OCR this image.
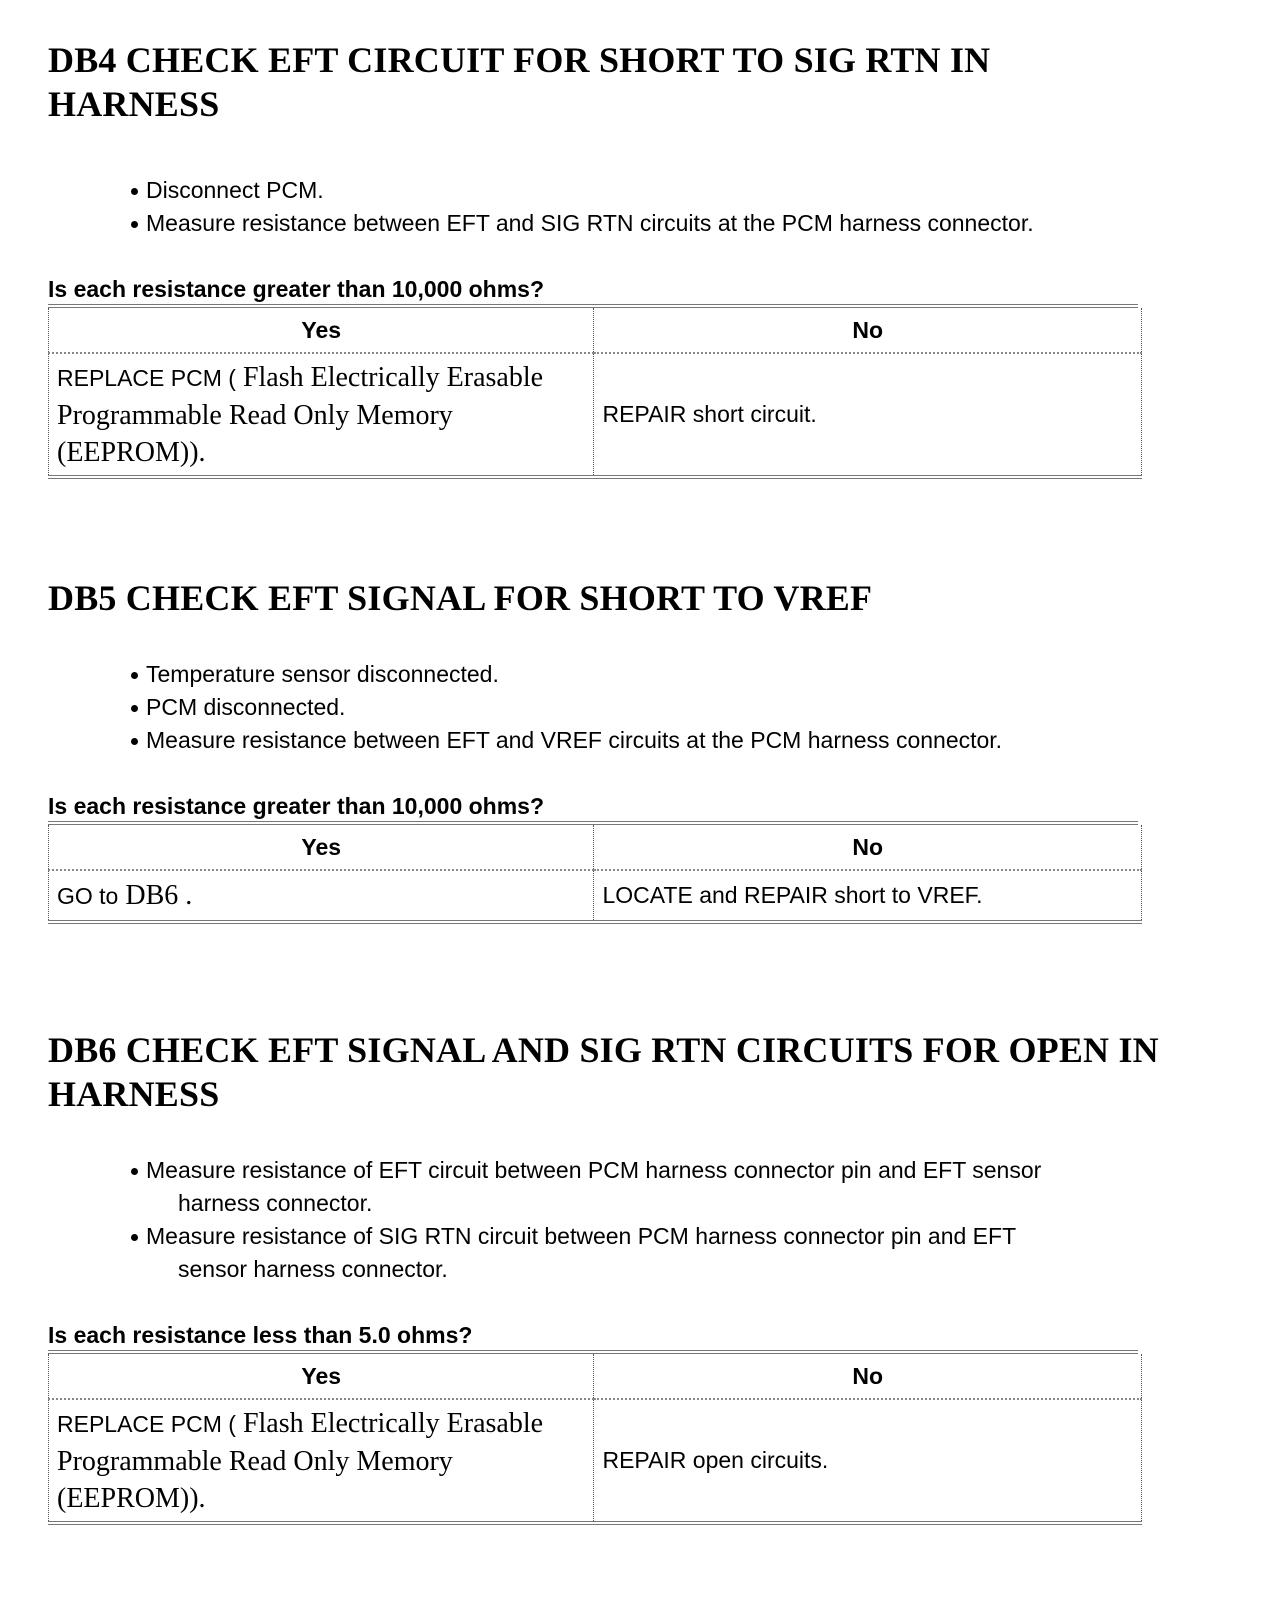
DB4 CHECK EFT CIRCUIT FOR SHORT TO SIG RTN IN HARNESS
Disconnect PCM.
Measure resistance between EFT and SIG RTN circuits at the PCM harness connector.

Is each resistance greater than 10,000 ohms?

Yes	No
REPLACE PCM ( Flash Electrically Erasable Programmable Read Only Memory (EEPROM)).	REPAIR short circuit.
DB5 CHECK EFT SIGNAL FOR SHORT TO VREF
Temperature sensor disconnected.
PCM disconnected.
Measure resistance between EFT and VREF circuits at the PCM harness connector.

Is each resistance greater than 10,000 ohms?

Yes	No
GO to DB6 .	LOCATE and REPAIR short to VREF.
DB6 CHECK EFT SIGNAL AND SIG RTN CIRCUITS FOR OPEN IN HARNESS
Measure resistance of EFT circuit between PCM harness connector pin and EFT sensor
harness connector.
Measure resistance of SIG RTN circuit between PCM harness connector pin and EFT
sensor harness connector.

Is each resistance less than 5.0 ohms?

Yes	No
REPLACE PCM ( Flash Electrically Erasable Programmable Read Only Memory (EEPROM)).	REPAIR open circuits.
